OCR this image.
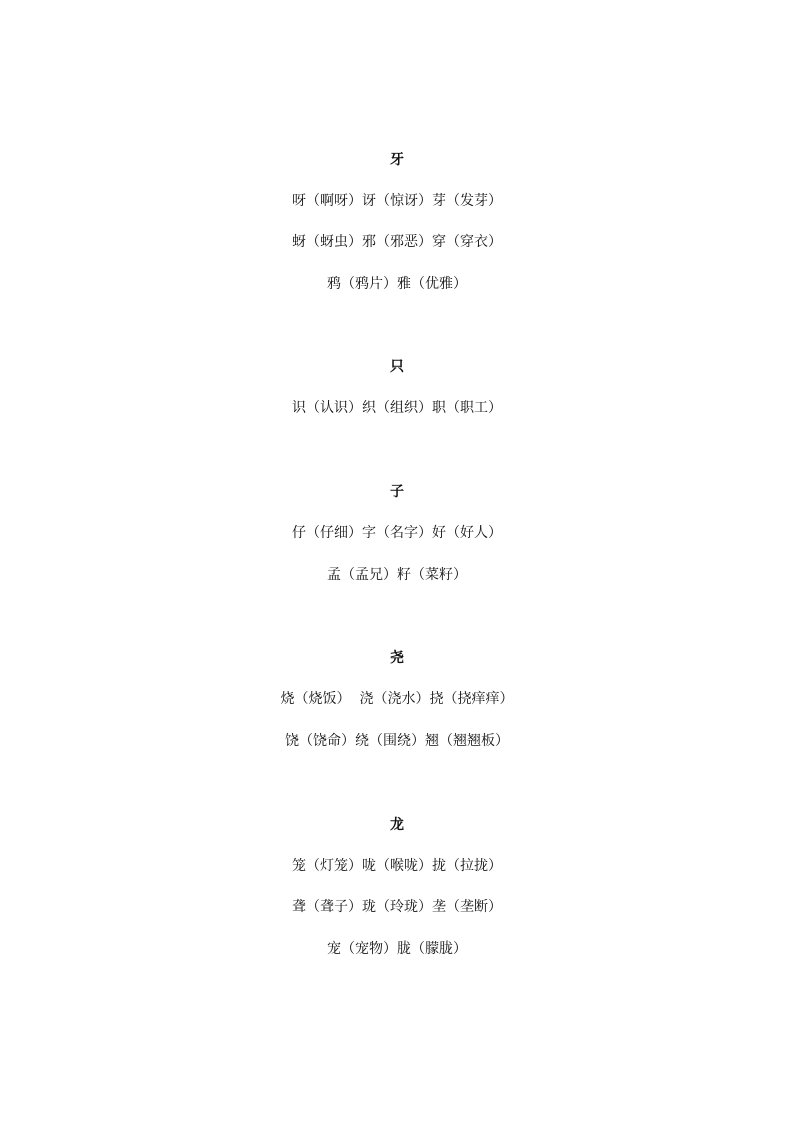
牙
呀（啊呀）讶（惊讶）芽（发芽）
蚜（蚜虫）邪（邪恶）穿（穿衣）
鸦（鸦片）雅（优雅）
只
识（认识）织（组织）职（职工）
子
仔（仔细）字（名字）好（好人）
孟（孟兄）籽（菜籽）
尧
烧（烧饭）  浇（浇水）挠（挠痒痒）
饶（饶命）绕（围绕）翘（翘翘板）
龙
笼（灯笼）咙（喉咙）拢（拉拢）
聋（聋子）珑（玲珑）垄（垄断）
宠（宠物）胧（朦胧）
